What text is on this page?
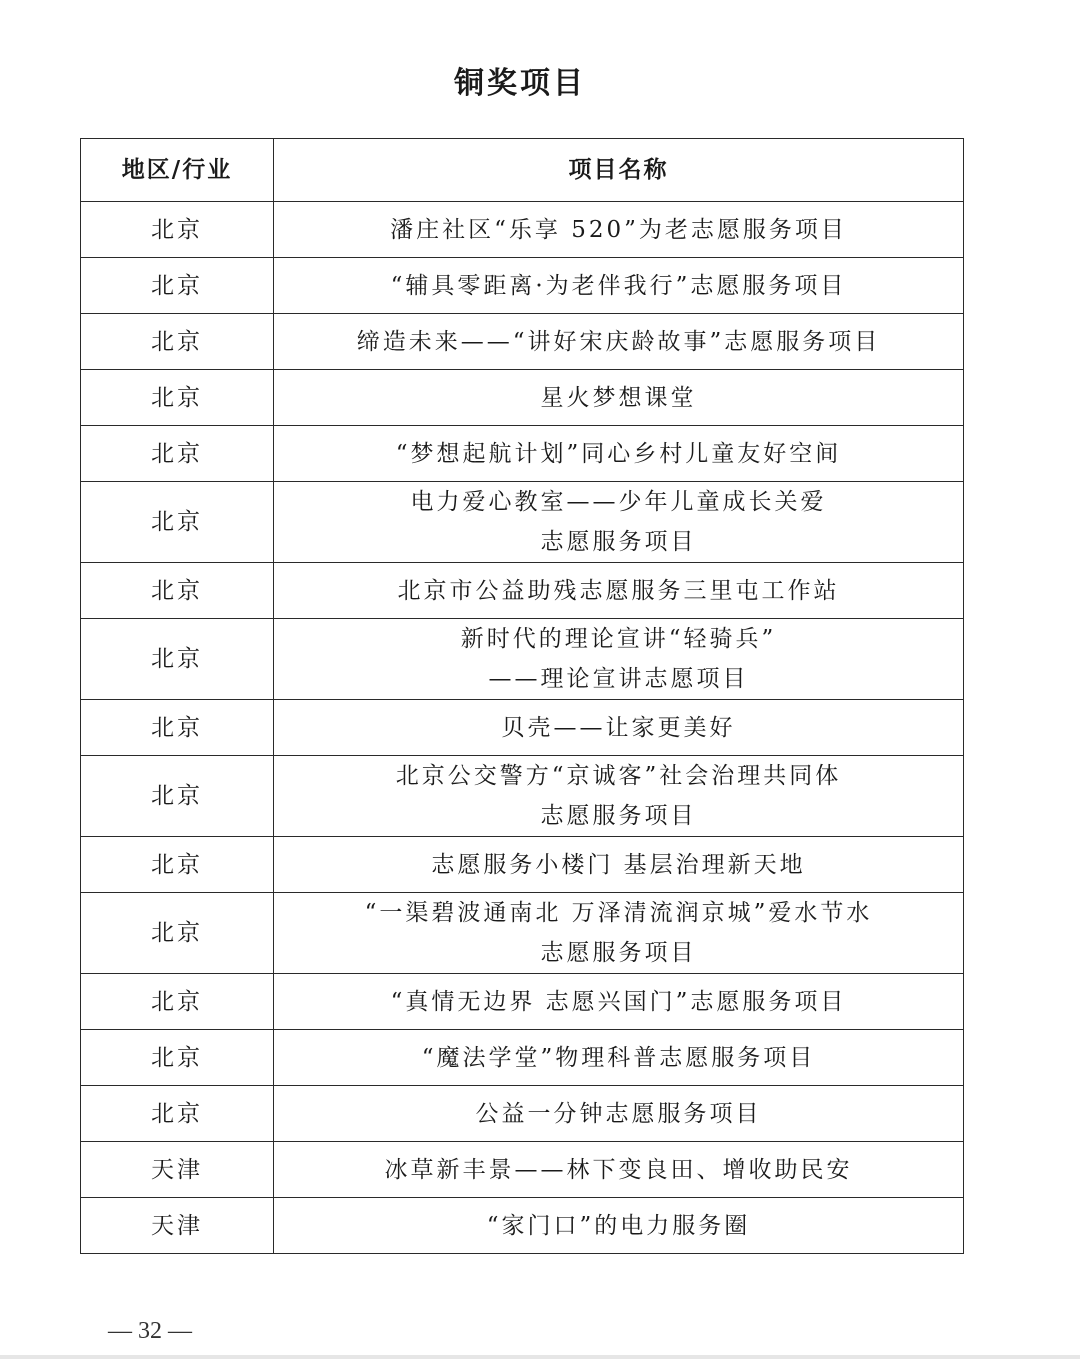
铜奖项目
地区/行业	项目名称
北京	潘庄社区“乐享 520”为老志愿服务项目

北京	“辅具零距离·为老伴我行”志愿服务项目

北京	缔造未来——“讲好宋庆龄故事”志愿服务项目

北京	星火梦想课堂

北京	“梦想起航计划”同心乡村儿童友好空间

北京	电力爱心教室——少年儿童成长关爱
志愿服务项目

北京	北京市公益助残志愿服务三里屯工作站

北京	新时代的理论宣讲“轻骑兵”
——理论宣讲志愿项目

北京	贝壳——让家更美好

北京	北京公交警方“京诚客”社会治理共同体
志愿服务项目

北京	志愿服务小楼门 基层治理新天地

北京	“一渠碧波通南北 万泽清流润京城”爱水节水
志愿服务项目

北京	“真情无边界 志愿兴国门”志愿服务项目

北京	“魔法学堂”物理科普志愿服务项目

北京	公益一分钟志愿服务项目

天津	冰草新丰景——林下变良田、增收助民安

天津	“家门口”的电力服务圈
— 32 —
